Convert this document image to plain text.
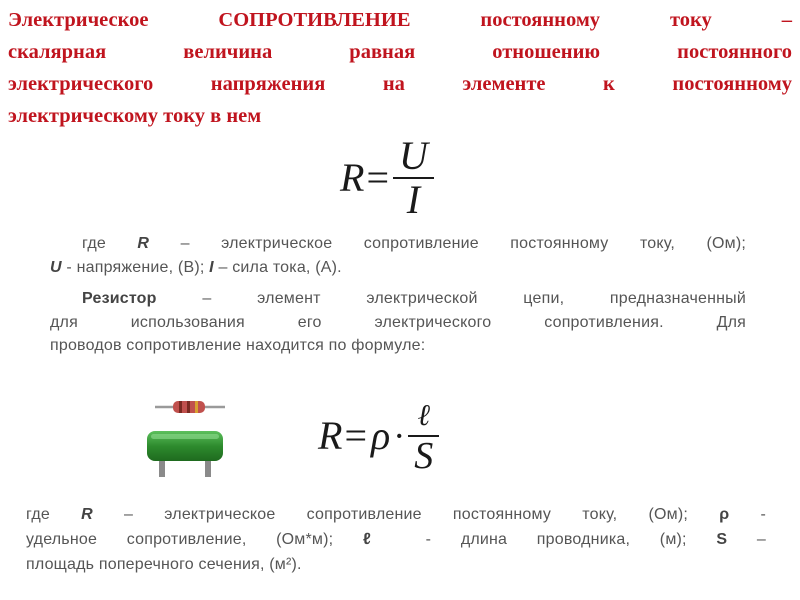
Электрическое СОПРОТИВЛЕНИЕ постоянному току –
скалярная величина равная отношению постоянного
электрического напряжения на элементе к постоянному
электрическому току в нем
$R = \frac{U}{I}$

где R – электрическое сопротивление постоянному току, (Ом);
U - напряжение, (В); I – сила тока, (А).

Резистор – элемент электрической цепи, предназначенный
для использования его электрического сопротивления. Для
проводов сопротивление находится по формуле:

$R = \rho \cdot \frac{\text{ℓ}}{S}$

где R – электрическое сопротивление постоянному току, (Ом); ρ -
удельное сопротивление, (Ом*м); ℓ - длина проводника, (м); S –
площадь поперечного сечения, (м²).
